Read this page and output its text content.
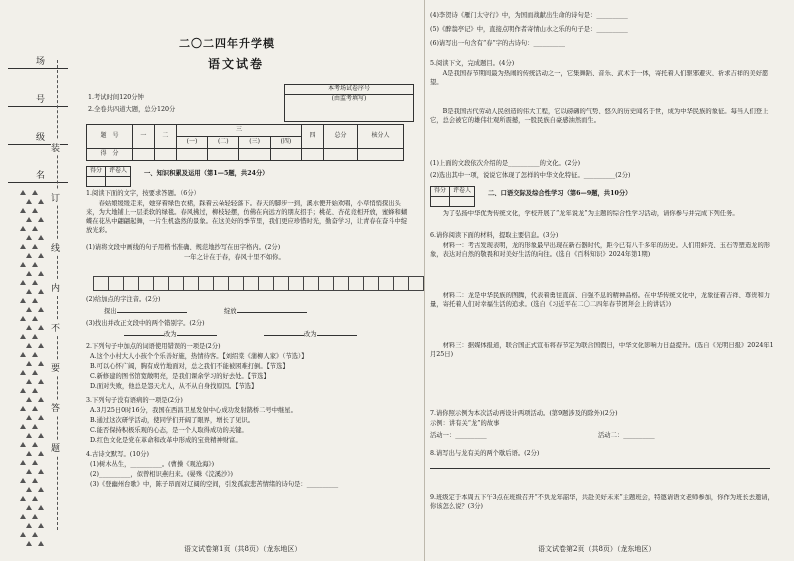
场
号
级
名
装
订
线
内
不
要
答
题
二〇二四年升学模
语文试卷
1.考试时间120分钟
2.全卷共四道大题，总分120分
本考场试卷序号
(由监考填写)
题　号	一	二	三				四	总分	核分人
			(一)	(二)	(三)	(四)			
得　分									
得分	评卷人
		一、知识积累及运用（第1—5题，共24分）
1.阅读下面的文字，按要求答题。（6分）
　　春姑娘缓缓走来，她穿着绿色衣裙，踩着云朵轻轻落下。春天的脚步一到，溪水便开始欢唱，小草悄悄探出头来，为大地铺上一层柔软的绿毯。春风拂过，柳枝轻摆，仿佛在向远方的朋友招手；桃花、杏花竞相开放，蜜蜂和蝴蝶在花丛中翩翩起舞，一片生机盎然的景象。在这美好的季节里，我们更应珍惜时光，勤奋学习，让青春在奋斗中绽放光彩。
(1)请将文段中画线的句子用楷书准确、规范地抄写在田字格内。(2分)
一年之计在于春，春风十里不如你。
(2)给加点的字注音。(2分)
探出	绽放
(3)找出并改正文段中的两个错别字。(2分)
改为	改为
2.下列句子中加点的词语使用错误的一项是(2分)
A.这个小村大人小孩个个乐善好施，热情待客。【刘绍棠《蒲柳人家》（节选）】
B.可以心怀广阔，胸有成竹地面对，总之我们不能被困难打倒。【节选】
C.新修建的图书馆宽敞明亮，是我们课余学习的好去处。【节选】
D.面对失败，他总是怨天尤人，从不从自身找原因。【节选】
3.下列句子没有语病的一项是(2分)
A.3月25日0时16分，我国在西昌卫星发射中心成功发射鹊桥二号中继星。
B.通过这次研学活动，使同学们开阔了眼界，增长了见识。
C.能否保持积极乐观的心态，是一个人取得成功的关键。
D.红色文化是党在革命和改革中形成的宝贵精神财富。
4.古诗文默写。(10分)
(1)树木丛生，__________。(曹操《观沧海》)
(2)__________，似曾相识燕归来。(晏殊《浣溪沙》)
(3)《登幽州台歌》中，陈子昂面对辽阔的空间，引发孤寂悲苦情绪的诗句是：__________
语文试卷第1页（共8页）（龙东地区）
(4)李贺诗《雁门太守行》中，为国而战献出生命的诗句是：__________
(5)《醉翁亭记》中，直接点明作者寄情山水之乐的句子是：__________
(6)请写出一句含有“春”字的古诗句：__________
5.阅读下文，完成题目。(4分)
　　A是我国春节期间最为热闹的传统活动之一，它集舞蹈、音乐、武术于一体，寄托着人们驱邪避灾、祈求吉祥的美好愿望。
　　B是我国古代劳动人民创造的伟大工程，它以磅礴的气势、悠久的历史闻名于世，成为中华民族的象征。每当人们登上它，总会被它的雄伟壮观所震撼，一股民族自豪感油然而生。
(1)上面的文段依次介绍的是__________的文化。(2分)
(2)选出其中一项，说说它体现了怎样的中华文化特征。__________(2分)
得分	评卷人
		二、口语交际及综合性学习（第6—9题，共10分）
　　为了弘扬中华优秀传统文化，学校开展了“龙年说龙”为主题的综合性学习活动，请你参与并完成下列任务。
6.请你阅读下面的材料，提取主要信息。(3分)
　　材料一：考古发现表明，龙的形象最早出现在新石器时代，距今已有八千多年的历史。人们用蚌壳、玉石等塑造龙的形象，表达对自然的敬畏和对美好生活的向往。(选自《百科知识》2024年第1期)
　　材料二：龙是中华民族的图腾，代表着勇往直前、自强不息的精神品格。在中华传统文化中，龙象征着吉祥、尊贵和力量，寄托着人们对幸福生活的追求。(选自《习近平在二〇二四年春节团拜会上的讲话》)
　　材料三：据媒体报道，联合国正式宣布将春节定为联合国假日，中华文化影响力日益提升。(选自《光明日报》2024年1月25日)
7.请你照示例为本次活动再设计两项活动。(第9题涉及的除外)(2分)
示例：讲有关“龙”的故事
活动一：__________	活动二：__________
8.请写出与龙有关的两个歇后语。(2分)
9.班级定于本周五下午3点在班级召开“不负龙年韶华，共赴美好未来”主题班会，特邀请语文老师参加，你作为班长去邀请，你该怎么说？(3分)
语文试卷第2页（共8页）（龙东地区）
